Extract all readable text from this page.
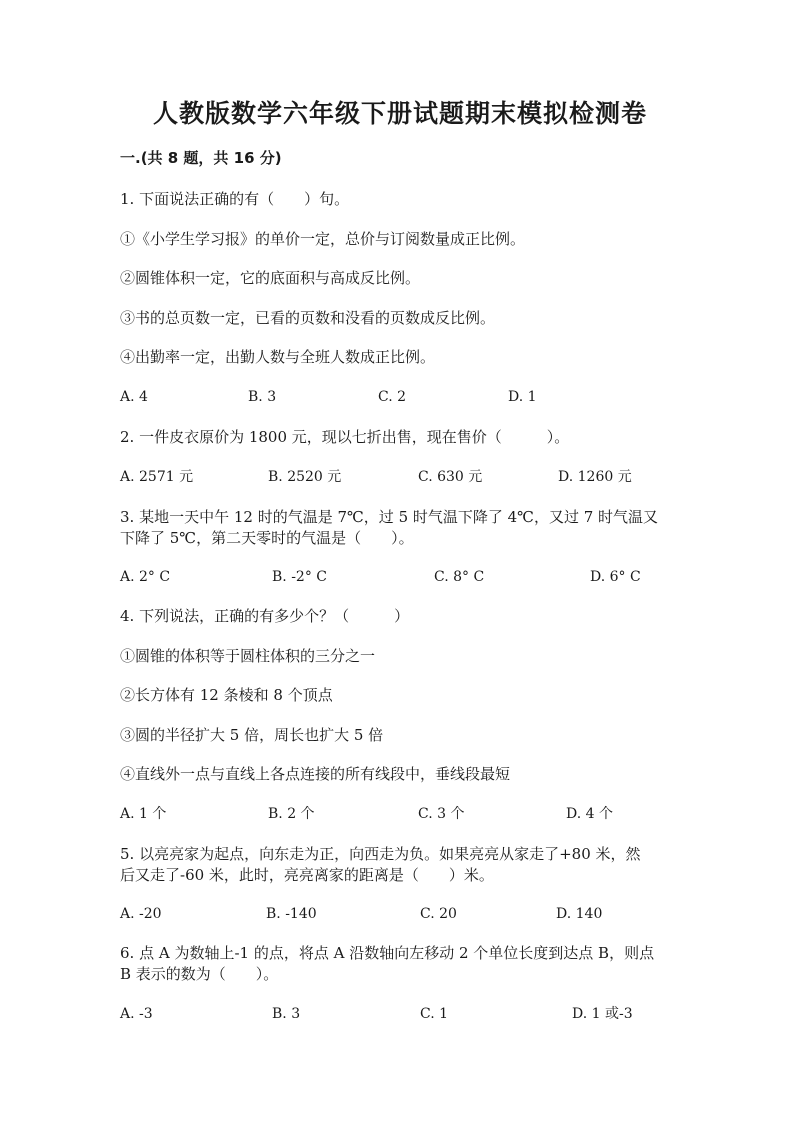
人教版数学六年级下册试题期末模拟检测卷
一.(共 8 题，共 16 分)
1. 下面说法正确的有（　　）句。
①《小学生学习报》的单价一定，总价与订阅数量成正比例。
②圆锥体积一定，它的底面积与高成反比例。
③书的总页数一定，已看的页数和没看的页数成反比例。
④出勤率一定，出勤人数与全班人数成正比例。
A. 4	B. 3	C. 2	D. 1
2. 一件皮衣原价为 1800 元，现以七折出售，现在售价（　　　）。
A. 2571 元	B. 2520 元	C. 630 元	D. 1260 元
3. 某地一天中午 12 时的气温是 7℃，过 5 时气温下降了 4℃，又过 7 时气温又
下降了 5℃，第二天零时的气温是（　　）。
A. 2° C	B. -2° C	C. 8° C	D. 6° C
4. 下列说法，正确的有多少个？（　　　）
①圆锥的体积等于圆柱体积的三分之一
②长方体有 12 条棱和 8 个顶点
③圆的半径扩大 5 倍，周长也扩大 5 倍
④直线外一点与直线上各点连接的所有线段中，垂线段最短
A. 1 个	B. 2 个	C. 3 个	D. 4 个
5. 以亮亮家为起点，向东走为正，向西走为负。如果亮亮从家走了+80 米，然
后又走了-60 米，此时，亮亮离家的距离是（　　）米。
A. -20	B. -140	C. 20	D. 140
6. 点 A 为数轴上-1 的点，将点 A 沿数轴向左移动 2 个单位长度到达点 B，则点
B 表示的数为（　　）。
A. -3	B. 3	C. 1	D. 1 或-3
